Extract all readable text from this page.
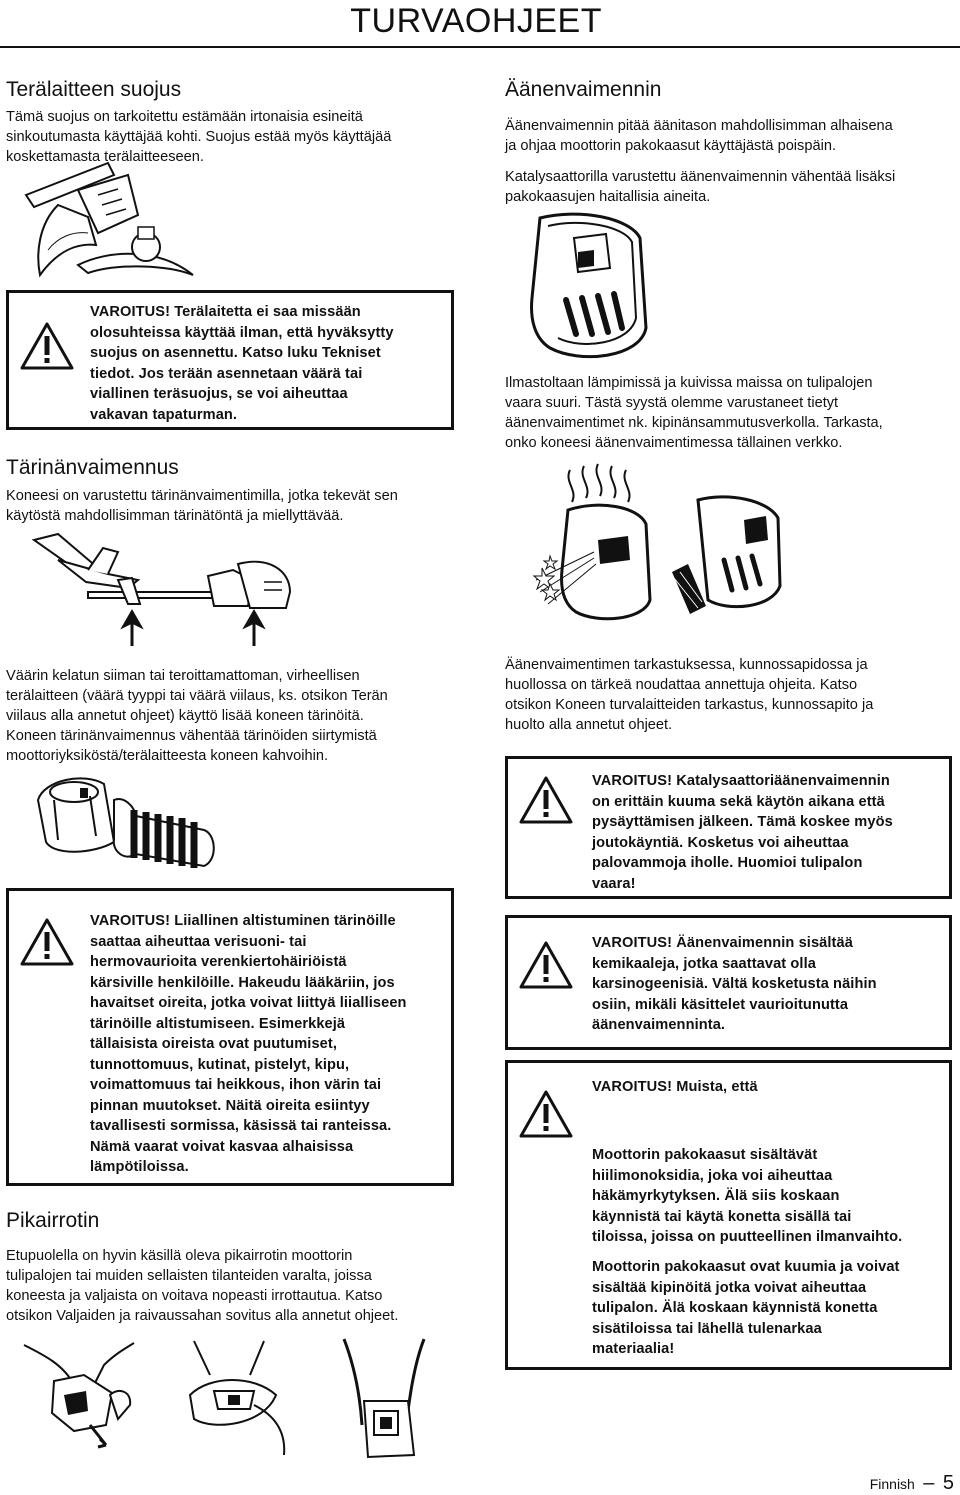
TURVAOHJEET
Terälaitteen suojus

Tämä suojus on tarkoitettu estämään irtonaisia esineitä

sinkoutumasta käyttäjää kohti. Suojus estää myös käyttäjää

koskettamasta terälaitteeseen.

VAROITUS! Terälaitetta ei saa missään
olosuhteissa käyttää ilman, että hyväksytty
suojus on asennettu. Katso luku Tekniset
tiedot. Jos terään asennetaan väärä tai
viallinen teräsuojus, se voi aiheuttaa
vakavan tapaturman.
Tärinänvaimennus

Koneesi on varustettu tärinänvaimentimilla, jotka tekevät sen

käytöstä mahdollisimman tärinätöntä ja miellyttävää.

Väärin kelatun siiman tai teroittamattoman, virheellisen

terälaitteen (väärä tyyppi tai väärä viilaus, ks. otsikon Terän

viilaus alla annetut ohjeet) käyttö lisää koneen tärinöitä.

Koneen tärinänvaimennus vähentää tärinöiden siirtymistä

moottoriyksiköstä/terälaitteesta koneen kahvoihin.

VAROITUS! Liiallinen altistuminen tärinöille
saattaa aiheuttaa verisuoni- tai
hermovaurioita verenkiertohäiriöistä
kärsiville henkilöille. Hakeudu lääkäriin, jos
havaitset oireita, jotka voivat liittyä liialliseen
tärinöille altistumiseen. Esimerkkejä
tällaisista oireista ovat puutumiset,
tunnottomuus, kutinat, pistelyt, kipu,
voimattomuus tai heikkous, ihon värin tai
pinnan muutokset. Näitä oireita esiintyy
tavallisesti sormissa, käsissä tai ranteissa.
Nämä vaarat voivat kasvaa alhaisissa
lämpötiloissa.
Pikairrotin

Etupuolella on hyvin käsillä oleva pikairrotin moottorin

tulipalojen tai muiden sellaisten tilanteiden varalta, joissa

koneesta ja valjaista on voitava nopeasti irrottautua. Katso

otsikon Valjaiden ja raivaussahan sovitus alla annetut ohjeet.

Äänenvaimennin

Äänenvaimennin pitää äänitason mahdollisimman alhaisena

ja ohjaa moottorin pakokaasut käyttäjästä poispäin.

Katalysaattorilla varustettu äänenvaimennin vähentää lisäksi

pakokaasujen haitallisia aineita.

Ilmastoltaan lämpimissä ja kuivissa maissa on tulipalojen

vaara suuri. Tästä syystä olemme varustaneet tietyt

äänenvaimentimet nk. kipinänsammutusverkolla. Tarkasta,

onko koneesi äänenvaimentimessa tällainen verkko.

Äänenvaimentimen tarkastuksessa, kunnossapidossa ja

huollossa on tärkeä noudattaa annettuja ohjeita. Katso

otsikon Koneen turvalaitteiden tarkastus, kunnossapito ja

huolto alla annetut ohjeet.

VAROITUS! Katalysaattoriäänenvaimennin
on erittäin kuuma sekä käytön aikana että
pysäyttämisen jälkeen. Tämä koskee myös
joutokäyntiä. Kosketus voi aiheuttaa
palovammoja iholle. Huomioi tulipalon
vaara!
VAROITUS! Äänenvaimennin sisältää
kemikaaleja, jotka saattavat olla
karsinogeenisiä. Vältä kosketusta näihin
osiin, mikäli käsittelet vaurioitunutta
äänenvaimenninta.
VAROITUS! Muista, että
Moottorin pakokaasut sisältävät
hiilimonoksidia, joka voi aiheuttaa
häkämyrkytyksen. Älä siis koskaan
käynnistä tai käytä konetta sisällä tai
tiloissa, joissa on puutteellinen ilmanvaihto.
Moottorin pakokaasut ovat kuumia ja voivat
sisältää kipinöitä jotka voivat aiheuttaa
tulipalon. Älä koskaan käynnistä konetta
sisätiloissa tai lähellä tulenarkaa
materiaalia!
Finnish – 5
